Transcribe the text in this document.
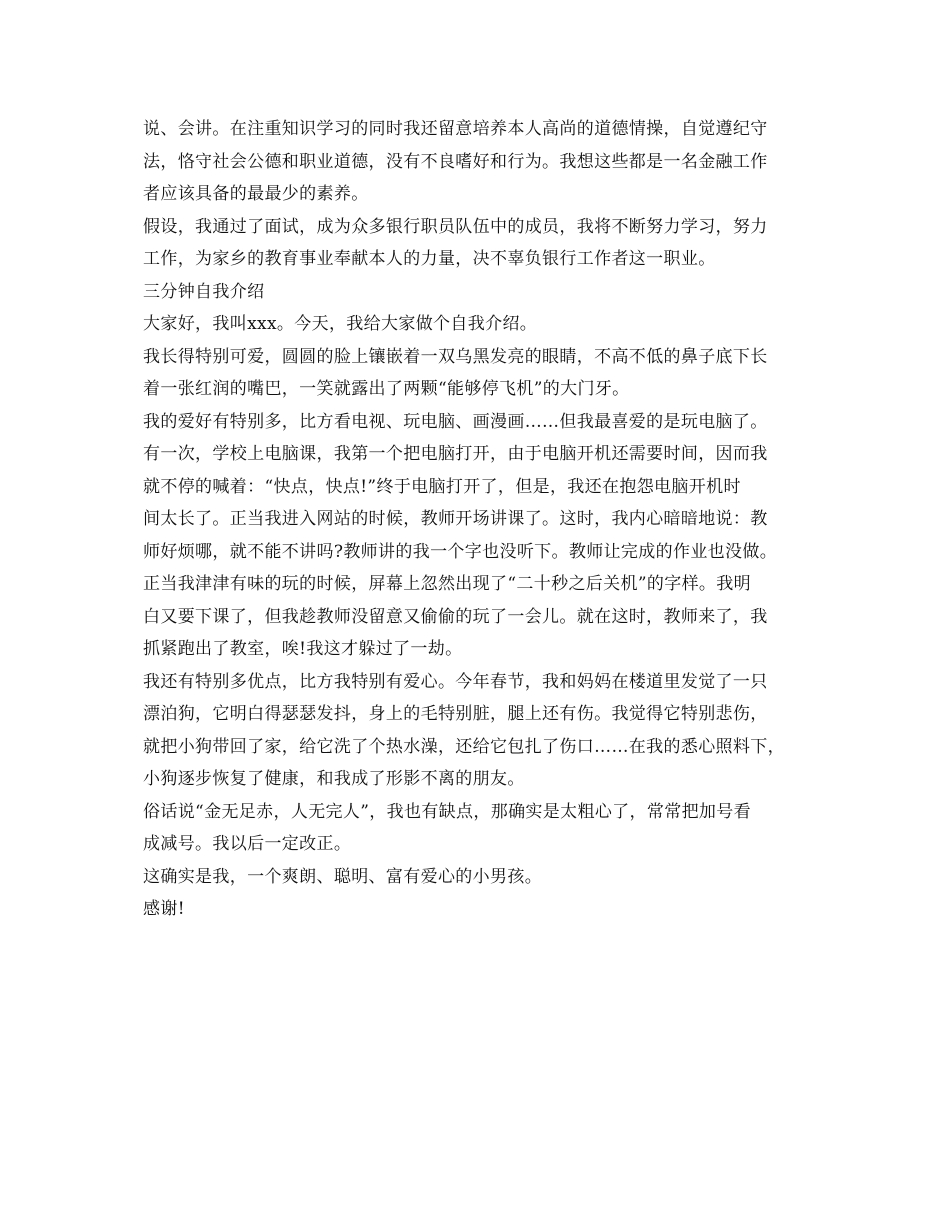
说、会讲。在注重知识学习的同时我还留意培养本人高尚的道德情操，自觉遵纪守
法，恪守社会公德和职业道德，没有不良嗜好和行为。我想这些都是一名金融工作
者应该具备的最最少的素养。
假设，我通过了面试，成为众多银行职员队伍中的成员，我将不断努力学习，努力
工作，为家乡的教育事业奉献本人的力量，决不辜负银行工作者这一职业。
三分钟自我介绍
大家好，我叫xxx。今天，我给大家做个自我介绍。
我长得特别可爱，圆圆的脸上镶嵌着一双乌黑发亮的眼睛，不高不低的鼻子底下长
着一张红润的嘴巴，一笑就露出了两颗“能够停飞机”的大门牙。
我的爱好有特别多，比方看电视、玩电脑、画漫画……但我最喜爱的是玩电脑了。
有一次，学校上电脑课，我第一个把电脑打开，由于电脑开机还需要时间，因而我
就不停的喊着：“快点，快点!”终于电脑打开了，但是，我还在抱怨电脑开机时
间太长了。正当我进入网站的时候，教师开场讲课了。这时，我内心暗暗地说：教
师好烦哪，就不能不讲吗?教师讲的我一个字也没听下。教师让完成的作业也没做。
正当我津津有味的玩的时候，屏幕上忽然出现了“二十秒之后关机”的字样。我明
白又要下课了，但我趁教师没留意又偷偷的玩了一会儿。就在这时，教师来了，我
抓紧跑出了教室，唉!我这才躲过了一劫。
我还有特别多优点，比方我特别有爱心。今年春节，我和妈妈在楼道里发觉了一只
漂泊狗，它明白得瑟瑟发抖，身上的毛特别脏，腿上还有伤。我觉得它特别悲伤，
就把小狗带回了家，给它洗了个热水澡，还给它包扎了伤口……在我的悉心照料下，
小狗逐步恢复了健康，和我成了形影不离的朋友。
俗话说“金无足赤，人无完人”，我也有缺点，那确实是太粗心了，常常把加号看
成减号。我以后一定改正。
这确实是我，一个爽朗、聪明、富有爱心的小男孩。
感谢!
